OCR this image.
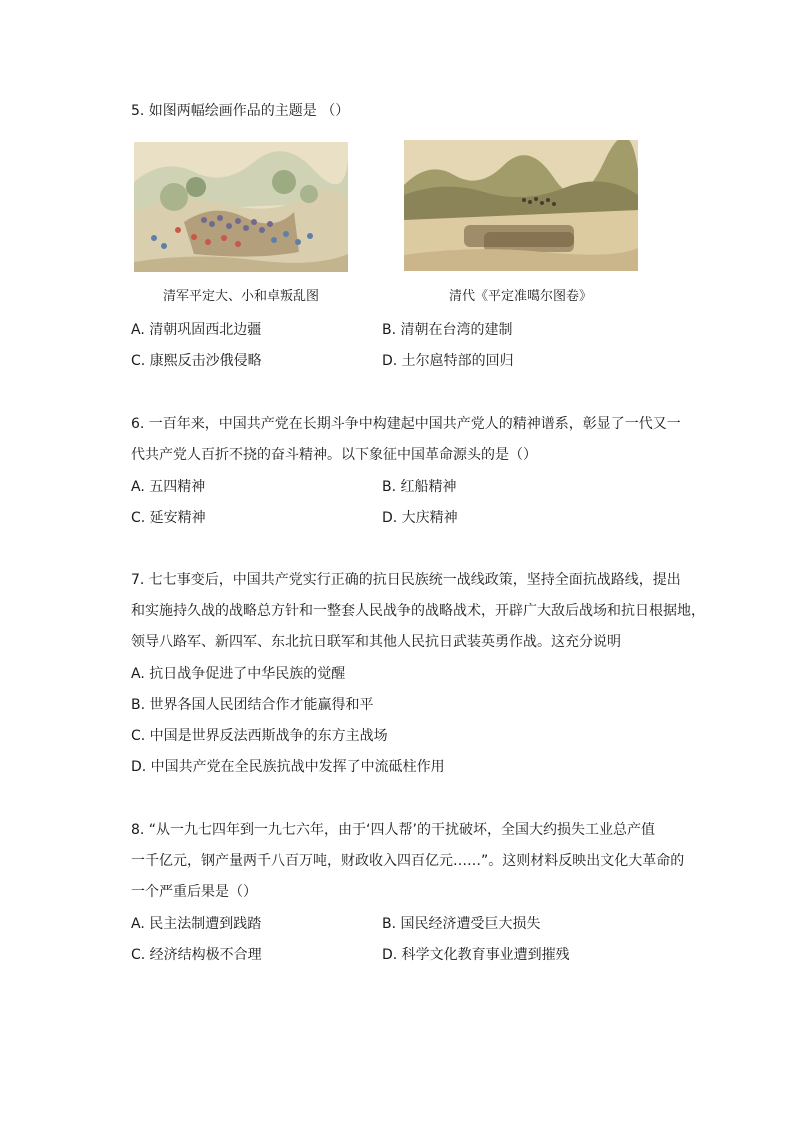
5. 如图两幅绘画作品的主题是 （）
清军平定大、小和卓叛乱图	清代《平定准噶尔图卷》
A. 清朝巩固西北边疆	B. 清朝在台湾的建制
C. 康熙反击沙俄侵略	D. 土尔扈特部的回归
6. 一百年来，中国共产党在长期斗争中构建起中国共产党人的精神谱系，彰显了一代又一
代共产党人百折不挠的奋斗精神。以下象征中国革命源头的是（）
A. 五四精神	B. 红船精神
C. 延安精神	D. 大庆精神
7. 七七事变后，中国共产党实行正确的抗日民族统一战线政策，坚持全面抗战路线，提出
和实施持久战的战略总方针和一整套人民战争的战略战术，开辟广大敌后战场和抗日根据地，
领导八路军、新四军、东北抗日联军和其他人民抗日武装英勇作战。这充分说明
A. 抗日战争促进了中华民族的觉醒
B. 世界各国人民团结合作才能赢得和平
C. 中国是世界反法西斯战争的东方主战场
D. 中国共产党在全民族抗战中发挥了中流砥柱作用
8. “从一九七四年到一九七六年，由于‘四人帮’的干扰破坏，全国大约损失工业总产值
一千亿元，钢产量两千八百万吨，财政收入四百亿元……”。这则材料反映出文化大革命的
一个严重后果是（）
A. 民主法制遭到践踏	B. 国民经济遭受巨大损失
C. 经济结构极不合理	D. 科学文化教育事业遭到摧残
